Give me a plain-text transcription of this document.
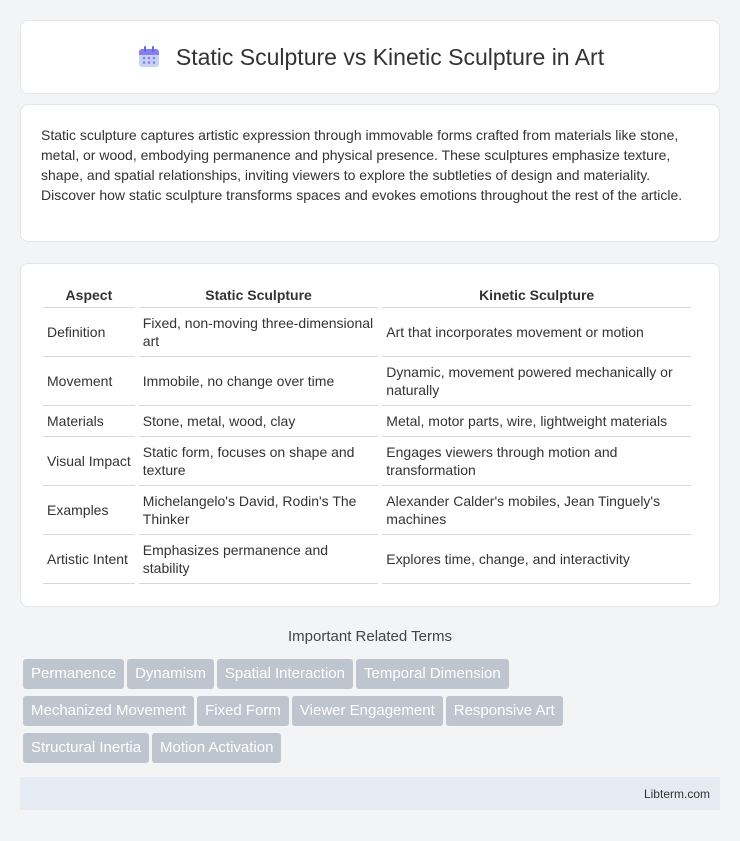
Static Sculpture vs Kinetic Sculpture in Art

Static sculpture captures artistic expression through immovable forms crafted from materials like stone, metal, or wood, embodying permanence and physical presence. These sculptures emphasize texture, shape, and spatial relationships, inviting viewers to explore the subtleties of design and materiality. Discover how static sculpture transforms spaces and evokes emotions throughout the rest of the article.

Aspect	Static Sculpture	Kinetic Sculpture
Definition	Fixed, non-moving three-dimensional art	Art that incorporates movement or motion
Movement	Immobile, no change over time	Dynamic, movement powered mechanically or naturally
Materials	Stone, metal, wood, clay	Metal, motor parts, wire, lightweight materials
Visual Impact	Static form, focuses on shape and texture	Engages viewers through motion and transformation
Examples	Michelangelo's David, Rodin's The Thinker	Alexander Calder's mobiles, Jean Tinguely's machines
Artistic Intent	Emphasizes permanence and stability	Explores time, change, and interactivity
Important Related Terms
Permanence Dynamism Spatial Interaction Temporal Dimension
Mechanized Movement Fixed Form Viewer Engagement Responsive Art
Structural Inertia Motion Activation
Libterm.com
